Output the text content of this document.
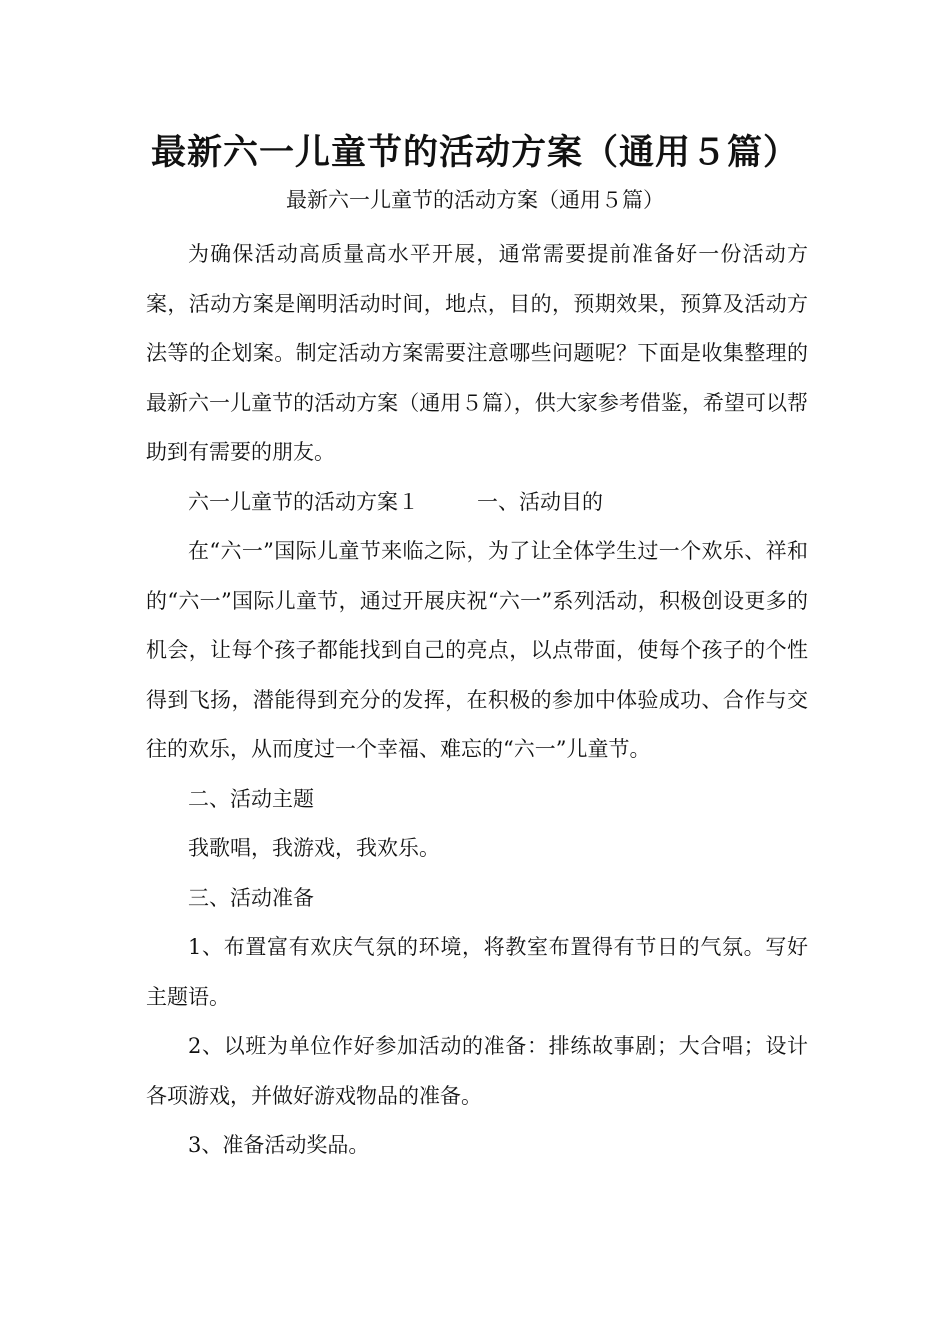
最新六一儿童节的活动方案（通用５篇）
最新六一儿童节的活动方案（通用５篇）

为确保活动高质量高水平开展，通常需要提前准备好一份活动方案，活动方案是阐明活动时间，地点，目的，预期效果，预算及活动方法等的企划案。制定活动方案需要注意哪些问题呢？下面是收集整理的最新六一儿童节的活动方案（通用５篇），供大家参考借鉴，希望可以帮助到有需要的朋友。

六一儿童节的活动方案１	一、活动目的

在“六一”国际儿童节来临之际，为了让全体学生过一个欢乐、祥和的“六一”国际儿童节，通过开展庆祝“六一”系列活动，积极创设更多的机会，让每个孩子都能找到自己的亮点，以点带面，使每个孩子的个性得到飞扬，潜能得到充分的发挥，在积极的参加中体验成功、合作与交往的欢乐，从而度过一个幸福、难忘的“六一”儿童节。

二、活动主题

我歌唱，我游戏，我欢乐。

三、活动准备

1、布置富有欢庆气氛的环境，将教室布置得有节日的气氛。写好主题语。

2、以班为单位作好参加活动的准备：排练故事剧；大合唱；设计各项游戏，并做好游戏物品的准备。

3、准备活动奖品。
